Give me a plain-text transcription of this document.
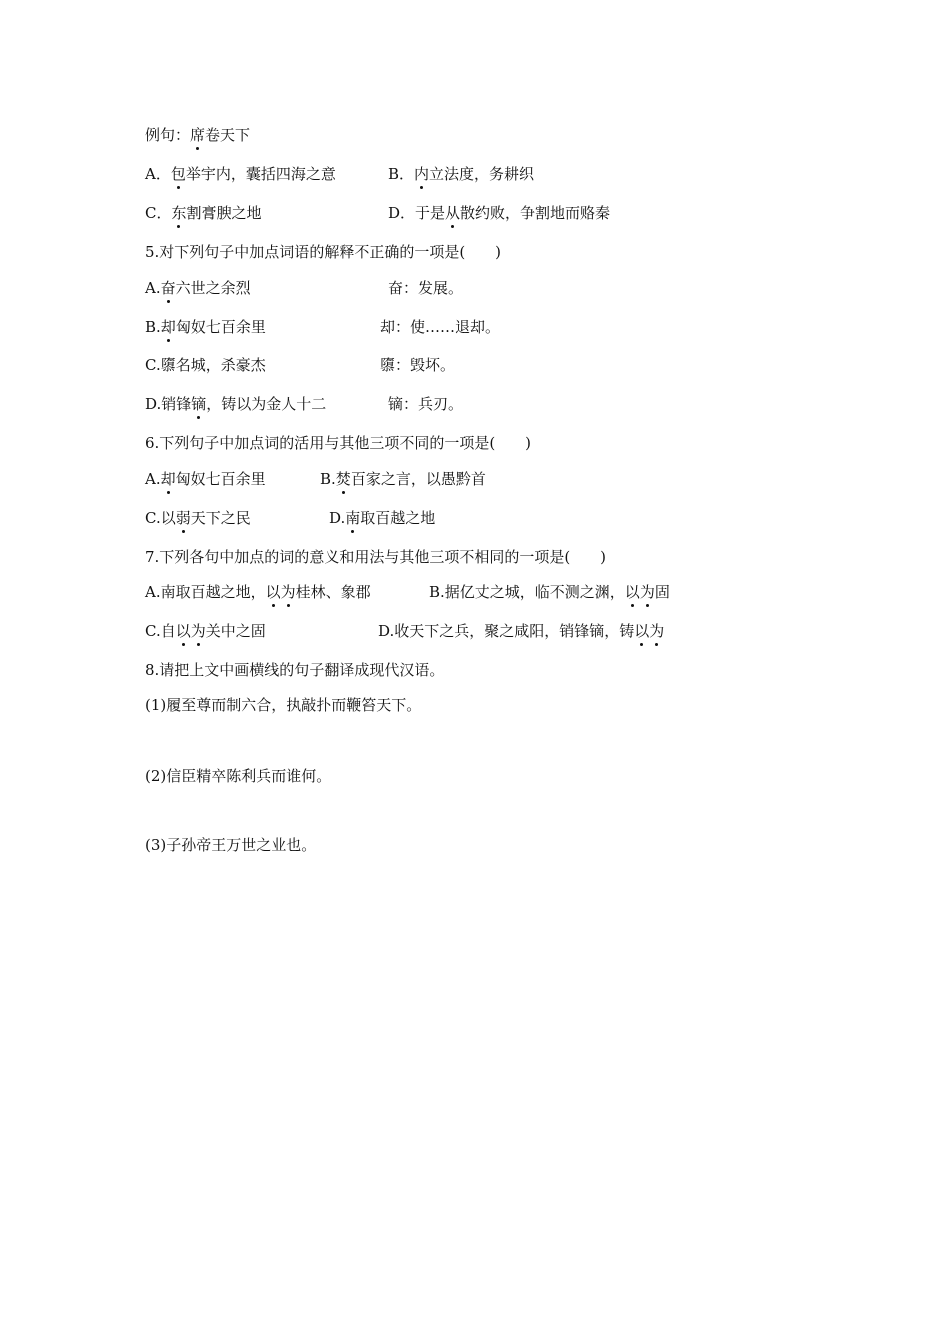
例句：席卷天下
A．包举宇内，囊括四海之意	B．内立法度，务耕织
C．东割膏腴之地	D．于是从散约败，争割地而赂秦
5.对下列句子中加点词语的解释不正确的一项是(　　)
A.奋六世之余烈	奋：发展。
B.却匈奴七百余里	却：使……退却。
C.隳名城，杀豪杰	隳：毁坏。
D.销锋镝，铸以为金人十二	镝：兵刃。
6.下列句子中加点词的活用与其他三项不同的一项是(　　)
A.却匈奴七百余里	B.焚百家之言，以愚黔首
C.以弱天下之民	D.南取百越之地
7.下列各句中加点的词的意义和用法与其他三项不相同的一项是(　　)
A.南取百越之地，以为桂林、象郡	B.据亿丈之城，临不测之渊，以为固
C.自以为关中之固	D.收天下之兵，聚之咸阳，销锋镝，铸以为
8.请把上文中画横线的句子翻译成现代汉语。
(1)履至尊而制六合，执敲扑而鞭笞天下。
(2)信臣精卒陈利兵而谁何。
(3)子孙帝王万世之业也。
